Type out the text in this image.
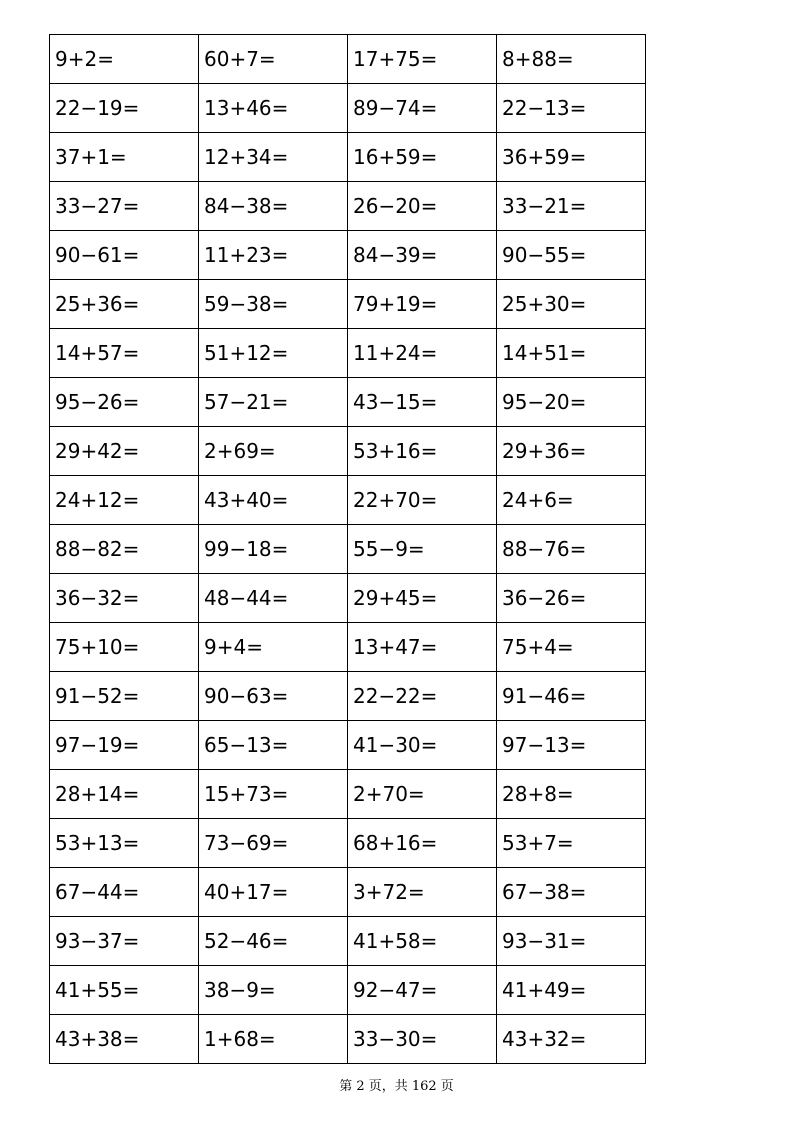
9+2=	60+7=	17+75=	8+88=
22−19=	13+46=	89−74=	22−13=
37+1=	12+34=	16+59=	36+59=
33−27=	84−38=	26−20=	33−21=
90−61=	11+23=	84−39=	90−55=
25+36=	59−38=	79+19=	25+30=
14+57=	51+12=	11+24=	14+51=
95−26=	57−21=	43−15=	95−20=
29+42=	2+69=	53+16=	29+36=
24+12=	43+40=	22+70=	24+6=
88−82=	99−18=	55−9=	88−76=
36−32=	48−44=	29+45=	36−26=
75+10=	9+4=	13+47=	75+4=
91−52=	90−63=	22−22=	91−46=
97−19=	65−13=	41−30=	97−13=
28+14=	15+73=	2+70=	28+8=
53+13=	73−69=	68+16=	53+7=
67−44=	40+17=	3+72=	67−38=
93−37=	52−46=	41+58=	93−31=
41+55=	38−9=	92−47=	41+49=
43+38=	1+68=	33−30=	43+32=
第 2 页，共 162 页
